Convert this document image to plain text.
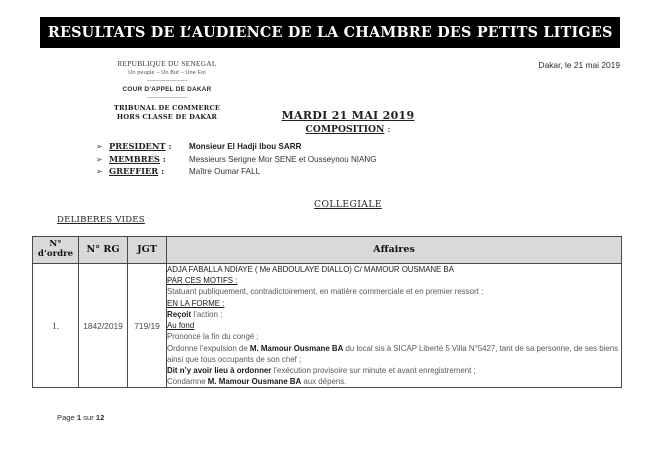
RESULTATS DE L’AUDIENCE DE LA CHAMBRE DES PETITS LITIGES
REPUBLIQUE DU SENEGAL
Un peuple – Un But – Une Foi
-----------------------------
COUR D’APPEL DE DAKAR
-----------------------------
TRIBUNAL DE COMMERCE
HORS CLASSE DE DAKAR
Dakar, le 21 mai 2019
MARDI 21 MAI 2019
COMPOSITION :
➢ PRESIDENT :	Monsieur El Hadji Ibou SARR
➢ MEMBRES :	Messieurs Serigne Mor SENE et Ousseynou NIANG
➢ GREFFIER :	Maître Oumar FALL
COLLEGIALE
DELIBERES VIDES
N°
d’ordre	N° RG	JGT	Affaires
1.	1842/2019	719/19	

ADJA FABALLA NDIAYE ( Me ABDOULAYE DIALLO) C/ MAMOUR OUSMANE BA

PAR CES MOTIFS :

Statuant publiquement, contradictoirement, en matière commerciale et en premier ressort ;

EN LA FORME :

Reçoit l’action ;

Au fond

Prononce la fin du congé ;

Ordonne l’expulsion de M. Mamour Ousmane BA du local sis à SICAP Liberté 5 Villa N°5427, tant de sa personne, de ses biens ainsi que tous occupants de son chef ;

Dit n’y avoir lieu à ordonner l’exécution provisoire sur minute et avant enregistrement ;

Condamne M. Mamour Ousmane BA aux dépens.

Page 1 sur 12
